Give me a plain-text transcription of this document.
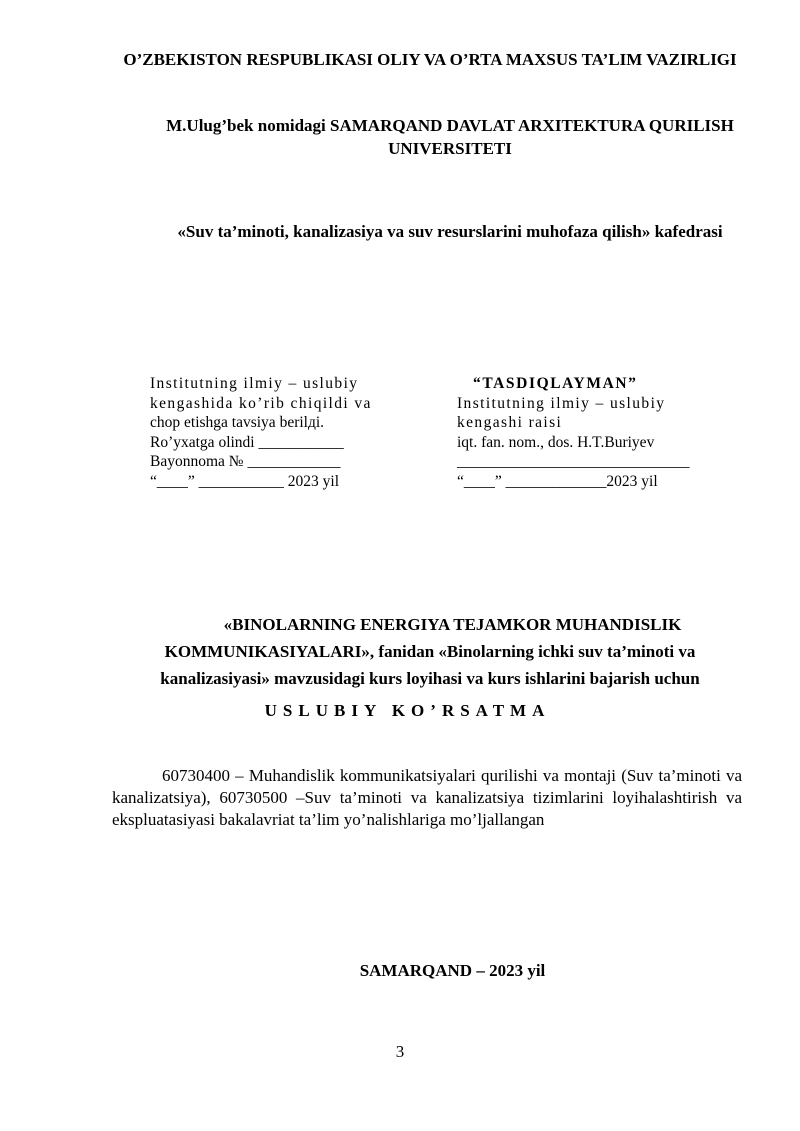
O’ZBEKISTON RESPUBLIKASI OLIY VA O’RTA MAXSUS TA’LIM VAZIRLIGI
M.Ulug’bek nomidagi SAMARQAND DAVLAT ARXITEKTURA QURILISH UNIVERSITETI
«Suv ta’minoti, kanalizasiya va suv resurslarini muhofaza qilish» kafedrasi
Institutning ilmiy – uslubiy
kengashida ko’rib chiqildi va
chop etishga tavsiya berilдi.
Ro’yxatga olindi ___________
Bayonnoma № ____________
“____” ___________ 2023 yil
“TASDIQLAYMAN”
Institutning ilmiy – uslubiy
kengashi raisi
iqt. fan. nom., dos. H.T.Buriyev
______________________________
“____” _____________2023 yil
«BINOLARNING ENERGIYA TEJAMKOR MUHANDISLIK
KOMMUNIKASIYALARI», fanidan «Binolarning ichki suv ta’minoti va
kanalizasiyasi» mavzusidagi kurs loyihasi va kurs ishlarini bajarish uchun
USLUBIY KO’RSATMA
60730400 – Muhandislik kommunikatsiyalari qurilishi va montaji (Suv ta’minoti va kanalizatsiya), 60730500 –Suv ta’minoti va kanalizatsiya tizimlarini loyihalashtirish va ekspluatasiyasi bakalavriat ta’lim yo’nalishlariga mo’ljallangan
SAMARQAND – 2023 yil
3
